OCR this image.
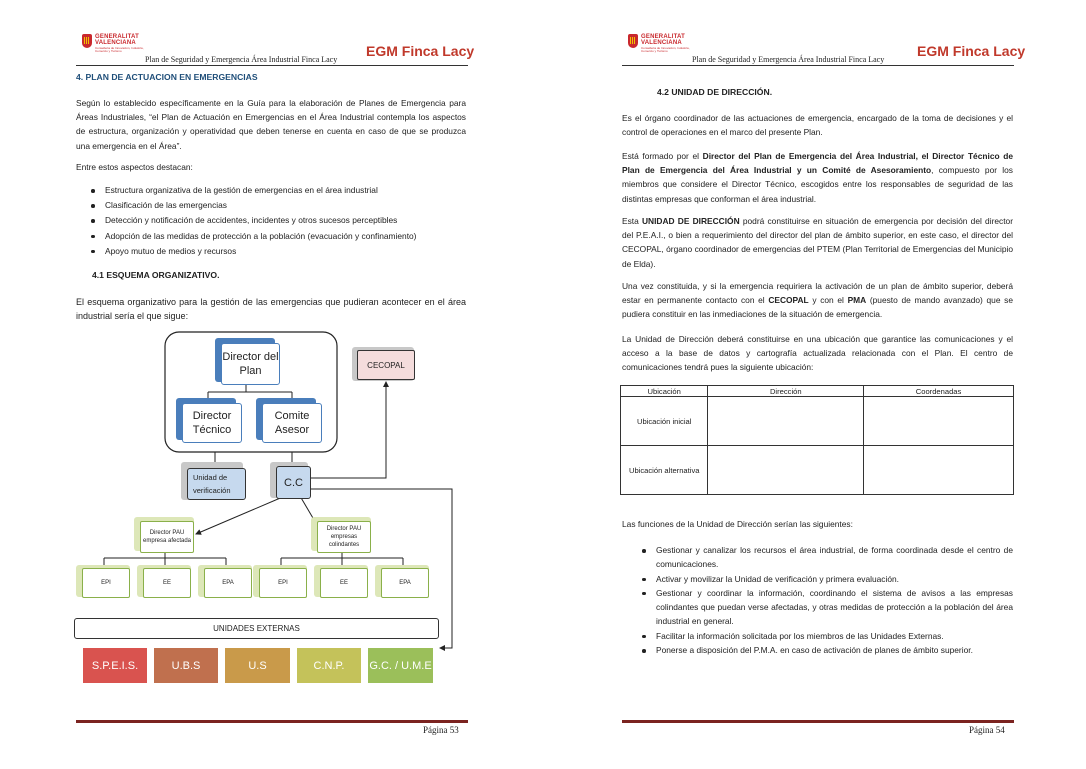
GENERALITAT
VALENCIANA
Conselleria de Innovación, Industria, Comercio y Turismo
Plan de Seguridad y Emergencia Área Industrial Finca Lacy
EGM Finca Lacy
4. PLAN DE ACTUACION EN EMERGENCIAS
Según lo establecido específicamente en la Guía para la elaboración de Planes de Emergencia para Áreas Industriales, “el Plan de Actuación en Emergencias en el Área Industrial contempla los aspectos de estructura, organización y operatividad que deben tenerse en cuenta en caso de que se produzca una emergencia en el Área”.
Entre estos aspectos destacan:
Estructura organizativa de la gestión de emergencias en el área industrial
Clasificación de las emergencias
Detección y notificación de accidentes, incidentes y otros sucesos perceptibles
Adopción de las medidas de protección a la población (evacuación y confinamiento)
Apoyo mutuo de medios y recursos
4.1 ESQUEMA ORGANIZATIVO.
El esquema organizativo para la gestión de las emergencias que pudieran acontecer en el área industrial sería el que sigue:
Director del Plan
Director Técnico
Comite Asesor
CECOPAL
Unidad de verificación
C.C
Director PAU empresa afectada
Director PAU empresas colindantes
EPI	EE	EPA	EPI	EE	EPA
UNIDADES EXTERNAS
S.P.E.I.S.	U.B.S	U.S	C.N.P.	G.C. / U.M.E
Página 53
GENERALITAT
VALENCIANA
Conselleria de Innovación, Industria, Comercio y Turismo
Plan de Seguridad y Emergencia Área Industrial Finca Lacy
EGM Finca Lacy
4.2 UNIDAD DE DIRECCIÓN.
Es el órgano coordinador de las actuaciones de emergencia, encargado de la toma de decisiones y el control de operaciones en el marco del presente Plan.
Está formado por el Director del Plan de Emergencia del Área Industrial, el Director Técnico de Plan de Emergencia del Área Industrial y un Comité de Asesoramiento, compuesto por los miembros que considere el Director Técnico, escogidos entre los responsables de seguridad de las distintas empresas que conforman el área industrial.
Esta UNIDAD DE DIRECCIÓN podrá constituirse en situación de emergencia por decisión del director del P.E.A.I., o bien a requerimiento del director del plan de ámbito superior, en este caso, el director del CECOPAL, órgano coordinador de emergencias del PTEM (Plan Territorial de Emergencias del Municipio de Elda).
Una vez constituida, y si la emergencia requiriera la activación de un plan de ámbito superior, deberá estar en permanente contacto con el CECOPAL y con el PMA (puesto de mando avanzado) que se pudiera constituir en las inmediaciones de la situación de emergencia.
La Unidad de Dirección deberá constituirse en una ubicación que garantice las comunicaciones y el acceso a la base de datos y cartografía actualizada relacionada con el Plan. El centro de comunicaciones tendrá pues la siguiente ubicación:
Ubicación	Dirección	Coordenadas
Ubicación inicial		
Ubicación alternativa		
Las funciones de la Unidad de Dirección serían las siguientes:
Gestionar y canalizar los recursos el área industrial, de forma coordinada desde el centro de comunicaciones.
Activar y movilizar la Unidad de verificación y primera evaluación.
Gestionar y coordinar la información, coordinando el sistema de avisos a las empresas colindantes que puedan verse afectadas, y otras medidas de protección a la población del área industrial en general.
Facilitar la información solicitada por los miembros de las Unidades Externas.
Ponerse a disposición del P.M.A. en caso de activación de planes de ámbito superior.
Página 54
